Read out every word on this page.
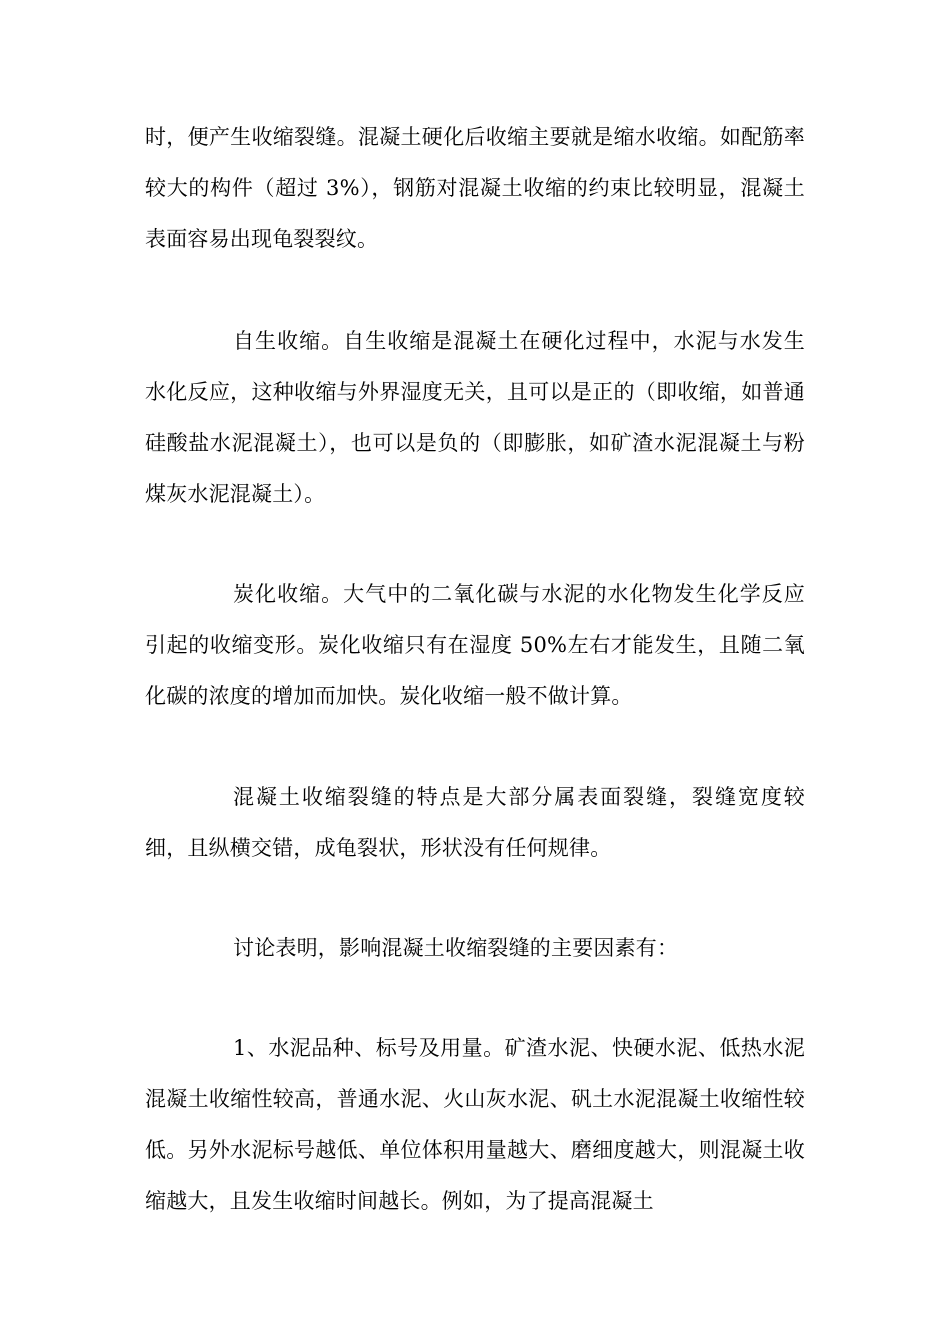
时，便产生收缩裂缝。混凝土硬化后收缩主要就是缩水收缩。如配筋率较大的构件（超过 3%），钢筋对混凝土收缩的约束比较明显，混凝土表面容易出现龟裂裂纹。

自生收缩。自生收缩是混凝土在硬化过程中，水泥与水发生水化反应，这种收缩与外界湿度无关，且可以是正的（即收缩，如普通硅酸盐水泥混凝土），也可以是负的（即膨胀，如矿渣水泥混凝土与粉煤灰水泥混凝土）。

炭化收缩。大气中的二氧化碳与水泥的水化物发生化学反应引起的收缩变形。炭化收缩只有在湿度 50%左右才能发生，且随二氧化碳的浓度的增加而加快。炭化收缩一般不做计算。

混凝土收缩裂缝的特点是大部分属表面裂缝，裂缝宽度较细，且纵横交错，成龟裂状，形状没有任何规律。

讨论表明，影响混凝土收缩裂缝的主要因素有：

1、水泥品种、标号及用量。矿渣水泥、快硬水泥、低热水泥混凝土收缩性较高，普通水泥、火山灰水泥、矾土水泥混凝土收缩性较低。另外水泥标号越低、单位体积用量越大、磨细度越大，则混凝土收缩越大，且发生收缩时间越长。例如，为了提高混凝土
